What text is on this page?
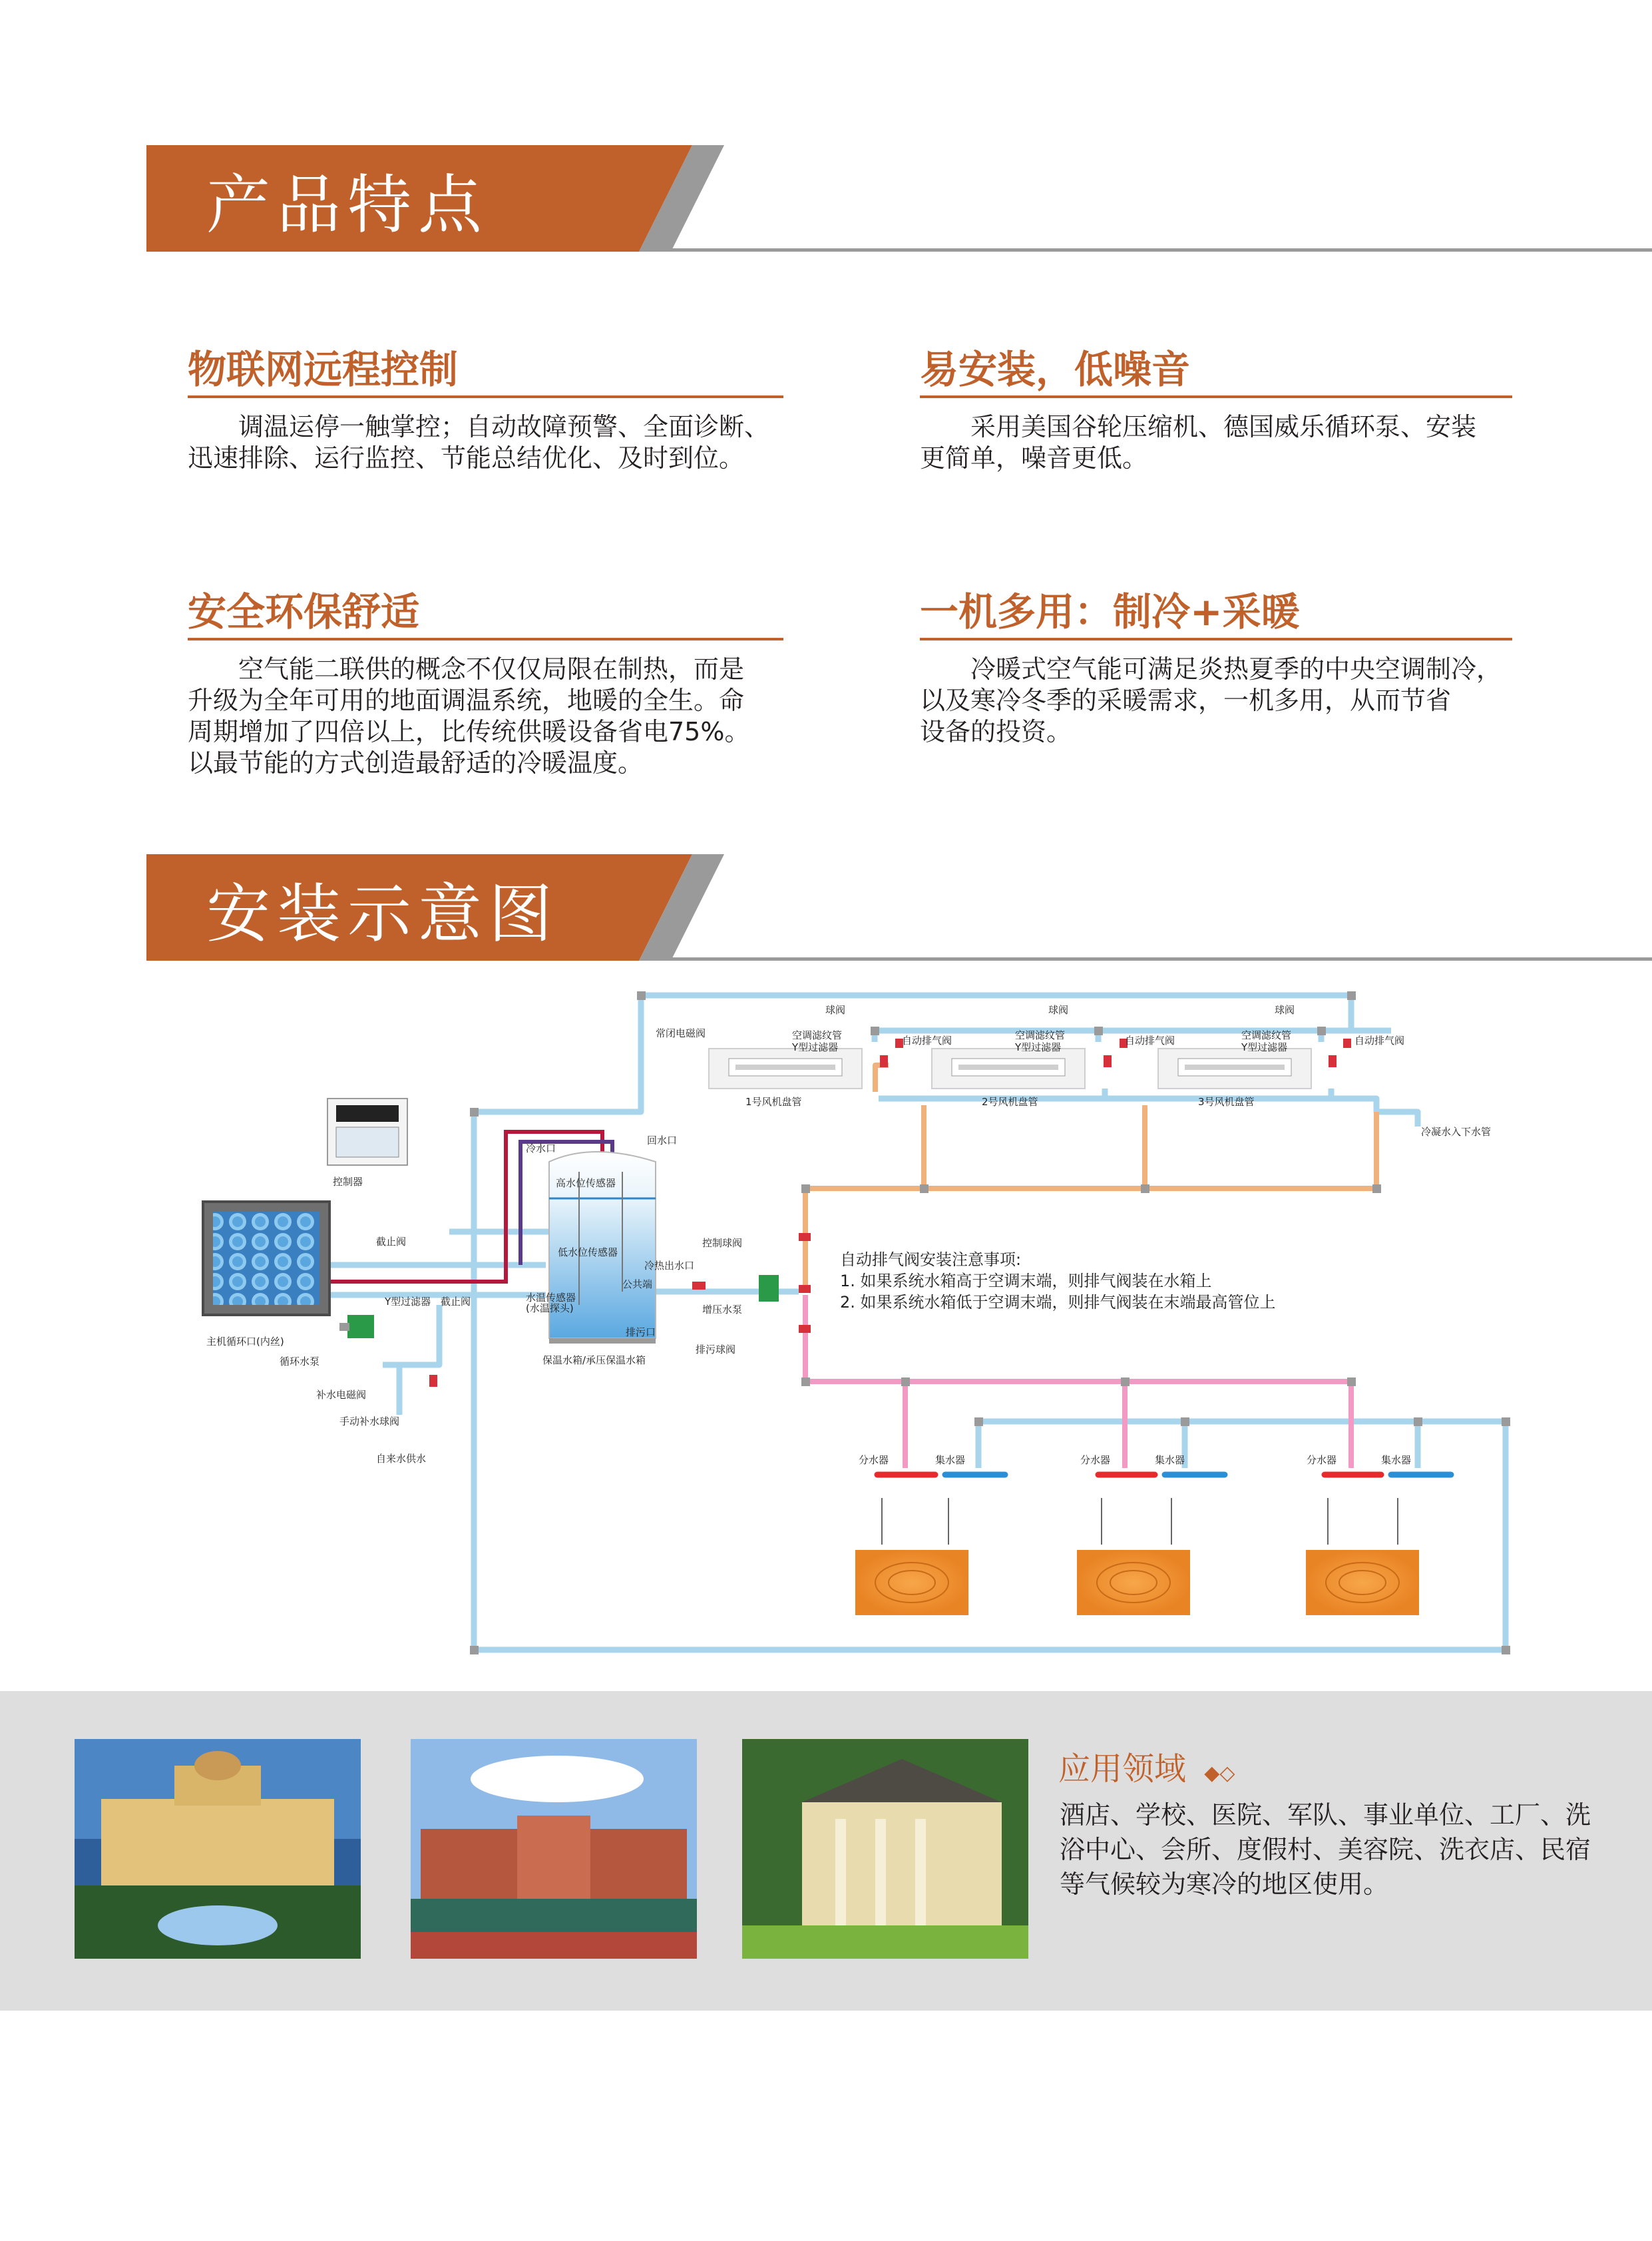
产品特点
物联网远程控制
　　调温运停一触掌控；自动故障预警、全面诊断、
迅速排除、运行监控、节能总结优化、及时到位。
易安装，低噪音
　　采用美国谷轮压缩机、德国威乐循环泵、安装
更简单，噪音更低。
安全环保舒适
　　空气能二联供的概念不仅仅局限在制热，而是
升级为全年可用的地面调温系统，地暖的全生。命
周期增加了四倍以上，比传统供暖设备省电75%。
以最节能的方式创造最舒适的冷暖温度。
一机多用：制冷+采暖
　　冷暖式空气能可满足炎热夏季的中央空调制冷，
以及寒冷冬季的采暖需求，一机多用，从而节省
设备的投资。
安装示意图
球阀	球阀	球阀
常闭电磁阀	空调滤纹管
Y型过滤器
自动排气阀	空调滤纹管
Y型过滤器
自动排气阀	空调滤纹管
Y型过滤器
自动排气阀
1号风机盘管	2号风机盘管	3号风机盘管
冷凝水入下水管
控制器
冷水口
回水口
高水位传感器
低水位传感器
水温传感器
(水温探头)
公共端
冷热出水口
控制球阀
增压水泵
排污口
排污球阀
保温水箱/承压保温水箱
截止阀
Y型过滤器 截止阀
主机循环口(内丝)
循环水泵
补水电磁阀
手动补水球阀
自来水供水	分水器	集水器	分水器	集水器	分水器	集水器
自动排气阀安装注意事项:
1. 如果系统水箱高于空调末端，则排气阀装在水箱上
2. 如果系统水箱低于空调末端，则排气阀装在末端最高管位上
应用领域 ◆◇
酒店、学校、医院、军队、事业单位、工厂、洗浴中心、会所、度假村、美容院、洗衣店、民宿等气候较为寒冷的地区使用。
